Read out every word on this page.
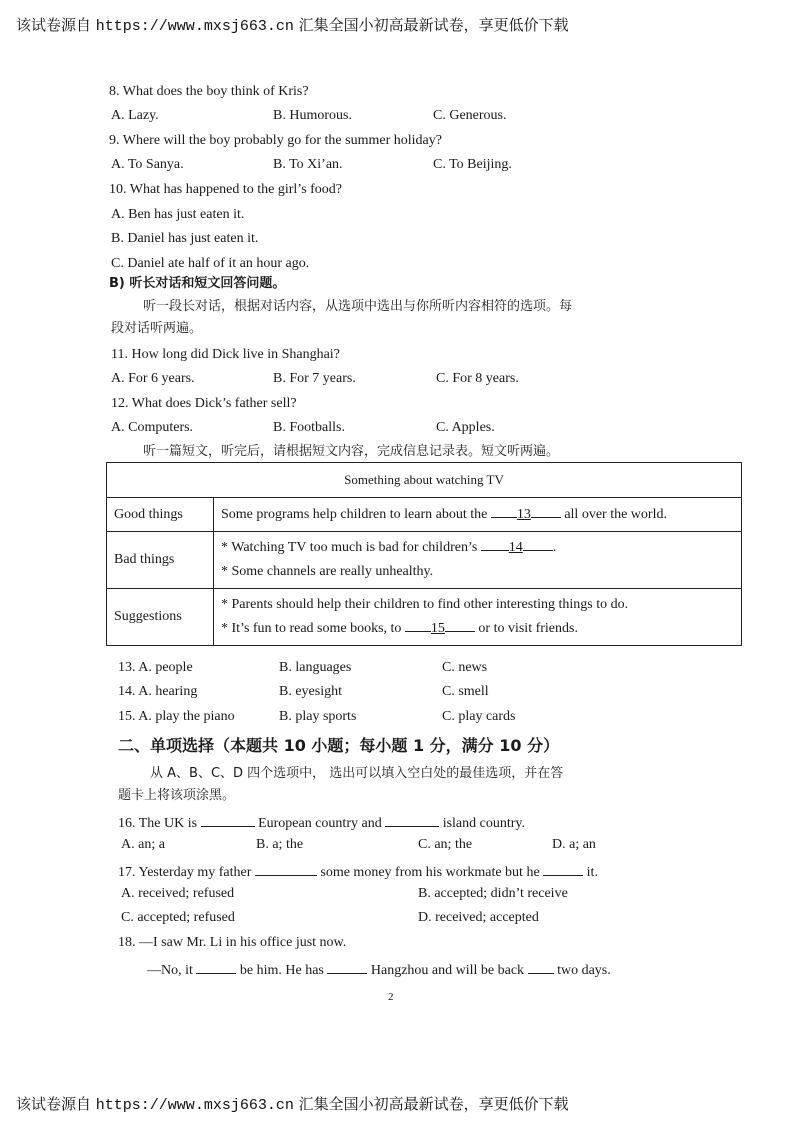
该试卷源自 https://www.mxsj663.cn 汇集全国小初高最新试卷，享更低价下载
8. What does the boy think of Kris?
A. Lazy.	B. Humorous.	C. Generous.
9. Where will the boy probably go for the summer holiday?
A. To Sanya.	B. To Xi’an.	C. To Beijing.
10. What has happened to the girl’s food?
A. Ben has just eaten it.
B. Daniel has just eaten it.
C. Daniel ate half of it an hour ago.
B) 听长对话和短文回答问题。
听一段长对话，根据对话内容，从选项中选出与你所听内容相符的选项。每
段对话听两遍。
11. How long did Dick live in Shanghai?
A. For 6 years.	B. For 7 years.	C. For 8 years.
12. What does Dick’s father sell?
A. Computers.	B. Footballs.	C. Apples.
听一篇短文，听完后，请根据短文内容，完成信息记录表。短文听两遍。
Something about watching TV	
Good things	Some programs help children to learn about the 13 all over the world.

Bad things	* Watching TV too much is bad for children’s 14 .
* Some channels are really unhealthy.

Suggestions	* Parents should help their children to find other interesting things to do.
* It’s fun to read some books, to 15 or to visit friends.
13. A. people	B. languages	C. news
14. A. hearing	B. eyesight	C. smell
15. A. play the piano	B. play sports	C. play cards
二、单项选择（本题共 10 小题；每小题 1 分，满分 10 分）
从 A、B、C、D 四个选项中， 选出可以填入空白处的最佳选项，并在答
题卡上将该项涂黑。
16. The UK is	European country and	island country.
A. an; a	B. a; the	C. an; the	D. a; an
17. Yesterday my father	some money from his workmate but he	it.
A. received; refused	B. accepted; didn’t receive
C. accepted; refused	D. received; accepted
18. —I saw Mr. Li in his office just now.
—No, it	be him. He has	Hangzhou and will be back  two days.
2
该试卷源自 https://www.mxsj663.cn 汇集全国小初高最新试卷，享更低价下载
